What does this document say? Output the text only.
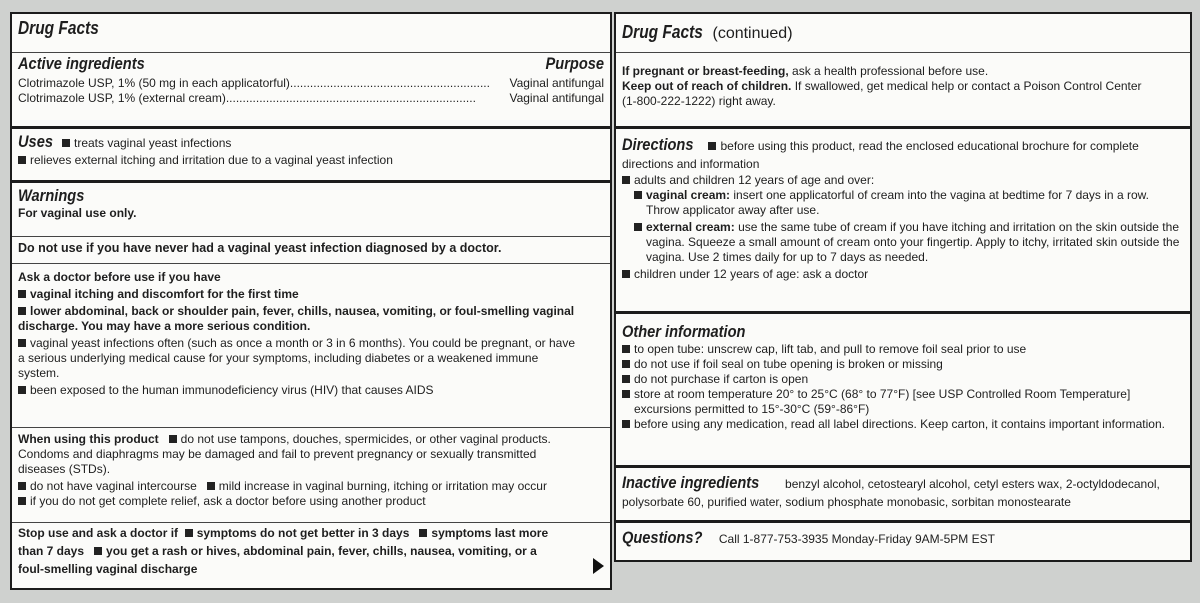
Drug Facts
Active ingredients	Purpose
Clotrimazole USP, 1% (50 mg in each applicatorful)............................................................	Vaginal antifungal
Clotrimazole USP, 1% (external cream)...........................................................................	Vaginal antifungal
Uses treats vaginal yeast infections
relieves external itching and irritation due to a vaginal yeast infection
Warnings
For vaginal use only.
Do not use if you have never had a vaginal yeast infection diagnosed by a doctor.
Ask a doctor before use if you have
vaginal itching and discomfort for the first time
lower abdominal, back or shoulder pain, fever, chills, nausea, vomiting, or foul-smelling vaginal
discharge. You may have a more serious condition.
vaginal yeast infections often (such as once a month or 3 in 6 months). You could be pregnant, or have
a serious underlying medical cause for your symptoms, including diabetes or a weakened immune
system.
been exposed to the human immunodeficiency virus (HIV) that causes AIDS
When using this product do not use tampons, douches, spermicides, or other vaginal products.
Condoms and diaphragms may be damaged and fail to prevent pregnancy or sexually transmitted
diseases (STDs).
do not have vaginal intercourse mild increase in vaginal burning, itching or irritation may occur
if you do not get complete relief, ask a doctor before using another product
Stop use and ask a doctor if symptoms do not get better in 3 days symptoms last more
than 7 days you get a rash or hives, abdominal pain, fever, chills, nausea, vomiting, or a
foul-smelling vaginal discharge
Drug Facts (continued)
If pregnant or breast-feeding, ask a health professional before use.
Keep out of reach of children. If swallowed, get medical help or contact a Poison Control Center
(1-800-222-1222) right away.
Directions before using this product, read the enclosed educational brochure for complete
directions and information
adults and children 12 years of age and over:
vaginal cream: insert one applicatorful of cream into the vagina at bedtime for 7 days in a row.
Throw applicator away after use.
external cream: use the same tube of cream if you have itching and irritation on the skin outside the
vagina. Squeeze a small amount of cream onto your fingertip. Apply to itchy, irritated skin outside the
vagina. Use 2 times daily for up to 7 days as needed.
children under 12 years of age: ask a doctor
Other information
to open tube: unscrew cap, lift tab, and pull to remove foil seal prior to use
do not use if foil seal on tube opening is broken or missing
do not purchase if carton is open
store at room temperature 20° to 25°C (68° to 77°F) [see USP Controlled Room Temperature]
excursions permitted to 15°-30°C (59°-86°F)
before using any medication, read all label directions. Keep carton, it contains important information.
Inactive ingredients benzyl alcohol, cetostearyl alcohol, cetyl esters wax, 2-octyldodecanol,
polysorbate 60, purified water, sodium phosphate monobasic, sorbitan monostearate
Questions? Call 1-877-753-3935 Monday-Friday 9AM-5PM EST
